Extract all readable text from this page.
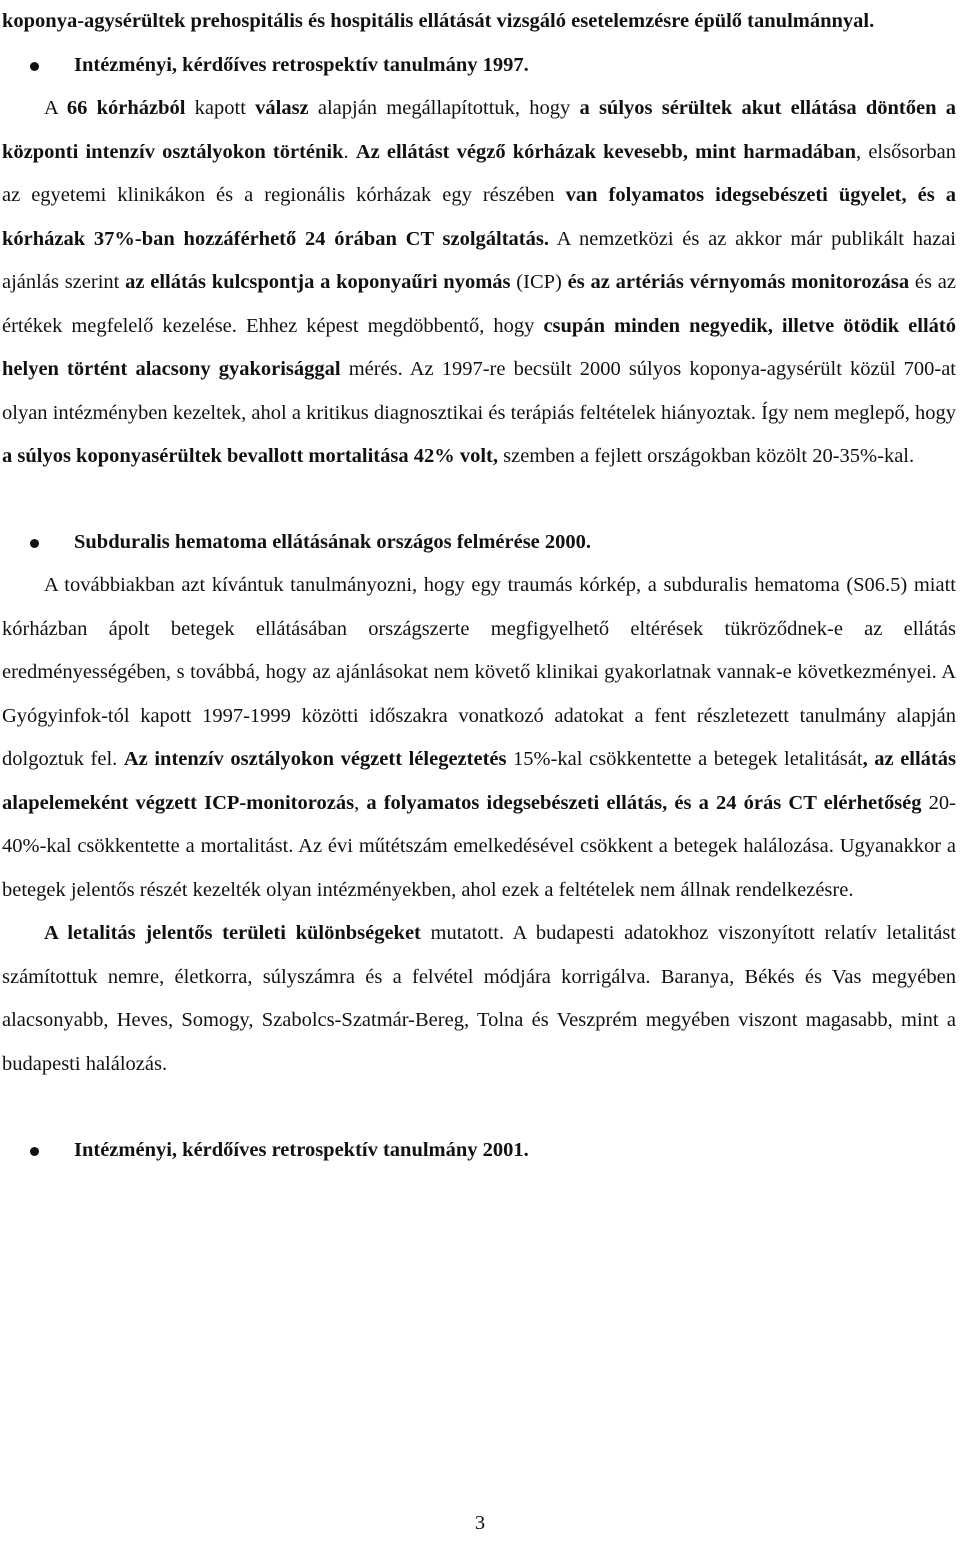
koponya-agysérültek prehospitális és hospitális ellátását vizsgáló esetelemzésre épülő tanulmánnyal.

Intézményi, kérdőíves retrospektív tanulmány 1997.

A 66 kórházból kapott válasz alapján megállapítottuk, hogy a súlyos sérültek akut ellátása döntően a központi intenzív osztályokon történik. Az ellátást végző kórházak kevesebb, mint harmadában, elsősorban az egyetemi klinikákon és a regionális kórházak egy részében van folyamatos idegsebészeti ügyelet, és a kórházak 37%-ban hozzáférhető 24 órában CT szolgáltatás. A nemzetközi és az akkor már publikált hazai ajánlás szerint az ellátás kulcspontja a koponyaűri nyomás (ICP) és az artériás vérnyomás monitorozása és az értékek megfelelő kezelése. Ehhez képest megdöbbentő, hogy csupán minden negyedik, illetve ötödik ellátó helyen történt alacsony gyakorisággal mérés. Az 1997-re becsült 2000 súlyos koponya-agysérült közül 700-at olyan intézményben kezeltek, ahol a kritikus diagnosztikai és terápiás feltételek hiányoztak. Így nem meglepő, hogy a súlyos koponyasérültek bevallott mortalitása 42% volt, szemben a fejlett országokban közölt 20-35%-kal.

Subduralis hematoma ellátásának országos felmérése 2000.

A továbbiakban azt kívántuk tanulmányozni, hogy egy traumás kórkép, a subduralis hematoma (S06.5) miatt kórházban ápolt betegek ellátásában országszerte megfigyelhető eltérések tükröződnek-e az ellátás eredményességében, s továbbá, hogy az ajánlásokat nem követő klinikai gyakorlatnak vannak-e következményei. A Gyógyinfok-tól kapott 1997-1999 közötti időszakra vonatkozó adatokat a fent részletezett tanulmány alapján dolgoztuk fel. Az intenzív osztályokon végzett lélegeztetés 15%-kal csökkentette a betegek letalitását, az ellátás alapelemeként végzett ICP-monitorozás, a folyamatos idegsebészeti ellátás, és a 24 órás CT elérhetőség 20-40%-kal csökkentette a mortalitást. Az évi műtétszám emelkedésével csökkent a betegek halálozása. Ugyanakkor a betegek jelentős részét kezelték olyan intézményekben, ahol ezek a feltételek nem állnak rendelkezésre.

A letalitás jelentős területi különbségeket mutatott. A budapesti adatokhoz viszonyított relatív letalitást számítottuk nemre, életkorra, súlyszámra és a felvétel módjára korrigálva. Baranya, Békés és Vas megyében alacsonyabb, Heves, Somogy, Szabolcs-Szatmár-Bereg, Tolna és Veszprém megyében viszont magasabb, mint a budapesti halálozás.

Intézményi, kérdőíves retrospektív tanulmány 2001.

3
